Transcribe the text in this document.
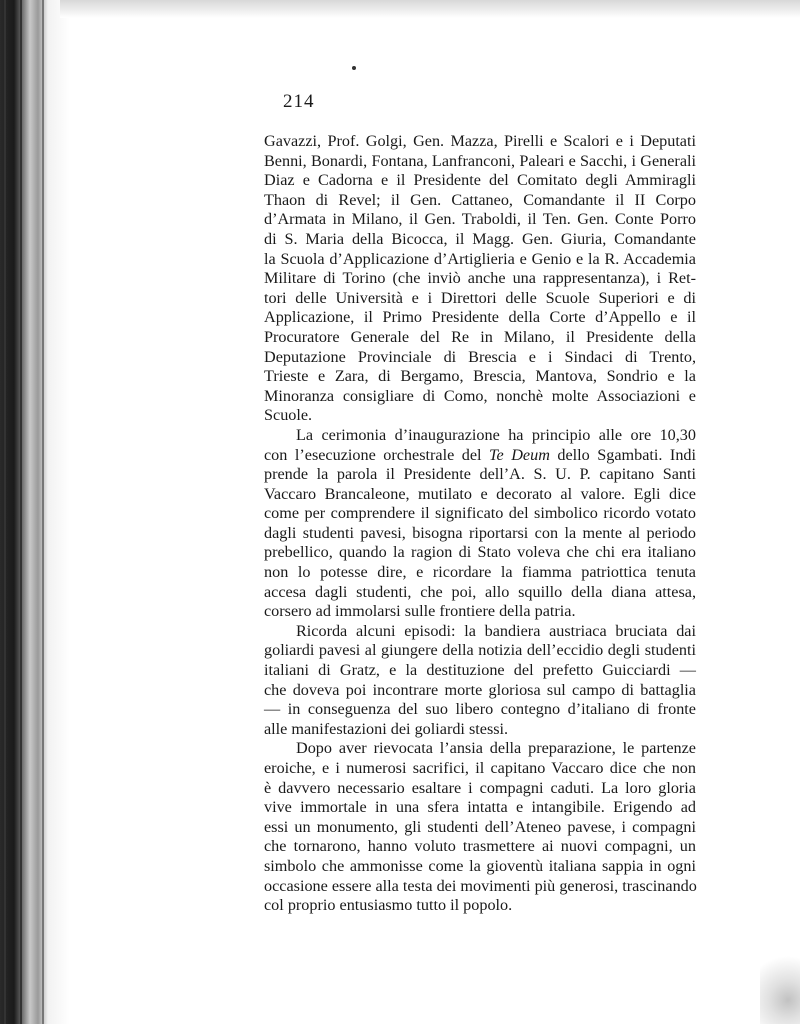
214
Gavazzi, Prof. Golgi, Gen. Mazza, Pirelli e Scalori e i Deputati
Benni, Bonardi, Fontana, Lanfranconi, Paleari e Sacchi, i Generali
Diaz e Cadorna e il Presidente del Comitato degli Ammiragli
Thaon di Revel; il Gen. Cattaneo, Comandante il II Corpo
d’Armata in Milano, il Gen. Traboldi, il Ten. Gen. Conte Porro
di S. Maria della Bicocca, il Magg. Gen. Giuria, Comandante
la Scuola d’Applicazione d’Artiglieria e Genio e la R. Accademia
Militare di Torino (che inviò anche una rappresentanza), i Ret-
tori delle Università e i Direttori delle Scuole Superiori e di
Applicazione, il Primo Presidente della Corte d’Appello e il
Procuratore Generale del Re in Milano, il Presidente della
Deputazione Provinciale di Brescia e i Sindaci di Trento,
Trieste e Zara, di Bergamo, Brescia, Mantova, Sondrio e la
Minoranza consigliare di Como, nonchè molte Associazioni e
Scuole.
La cerimonia d’inaugurazione ha principio alle ore 10,30
con l’esecuzione orchestrale del Te Deum dello Sgambati. Indi
prende la parola il Presidente dell’A. S. U. P. capitano Santi
Vaccaro Brancaleone, mutilato e decorato al valore. Egli dice
come per comprendere il significato del simbolico ricordo votato
dagli studenti pavesi, bisogna riportarsi con la mente al periodo
prebellico, quando la ragion di Stato voleva che chi era italiano
non lo potesse dire, e ricordare la fiamma patriottica tenuta
accesa dagli studenti, che poi, allo squillo della diana attesa,
corsero ad immolarsi sulle frontiere della patria.
Ricorda alcuni episodi: la bandiera austriaca bruciata dai
goliardi pavesi al giungere della notizia dell’eccidio degli studenti
italiani di Gratz, e la destituzione del prefetto Guicciardi —
che doveva poi incontrare morte gloriosa sul campo di battaglia
— in conseguenza del suo libero contegno d’italiano di fronte
alle manifestazioni dei goliardi stessi.
Dopo aver rievocata l’ansia della preparazione, le partenze
eroiche, e i numerosi sacrifici, il capitano Vaccaro dice che non
è davvero necessario esaltare i compagni caduti. La loro gloria
vive immortale in una sfera intatta e intangibile. Erigendo ad
essi un monumento, gli studenti dell’Ateneo pavese, i compagni
che tornarono, hanno voluto trasmettere ai nuovi compagni, un
simbolo che ammonisse come la gioventù italiana sappia in ogni
occasione essere alla testa dei movimenti più generosi, trascinando
col proprio entusiasmo tutto il popolo.
